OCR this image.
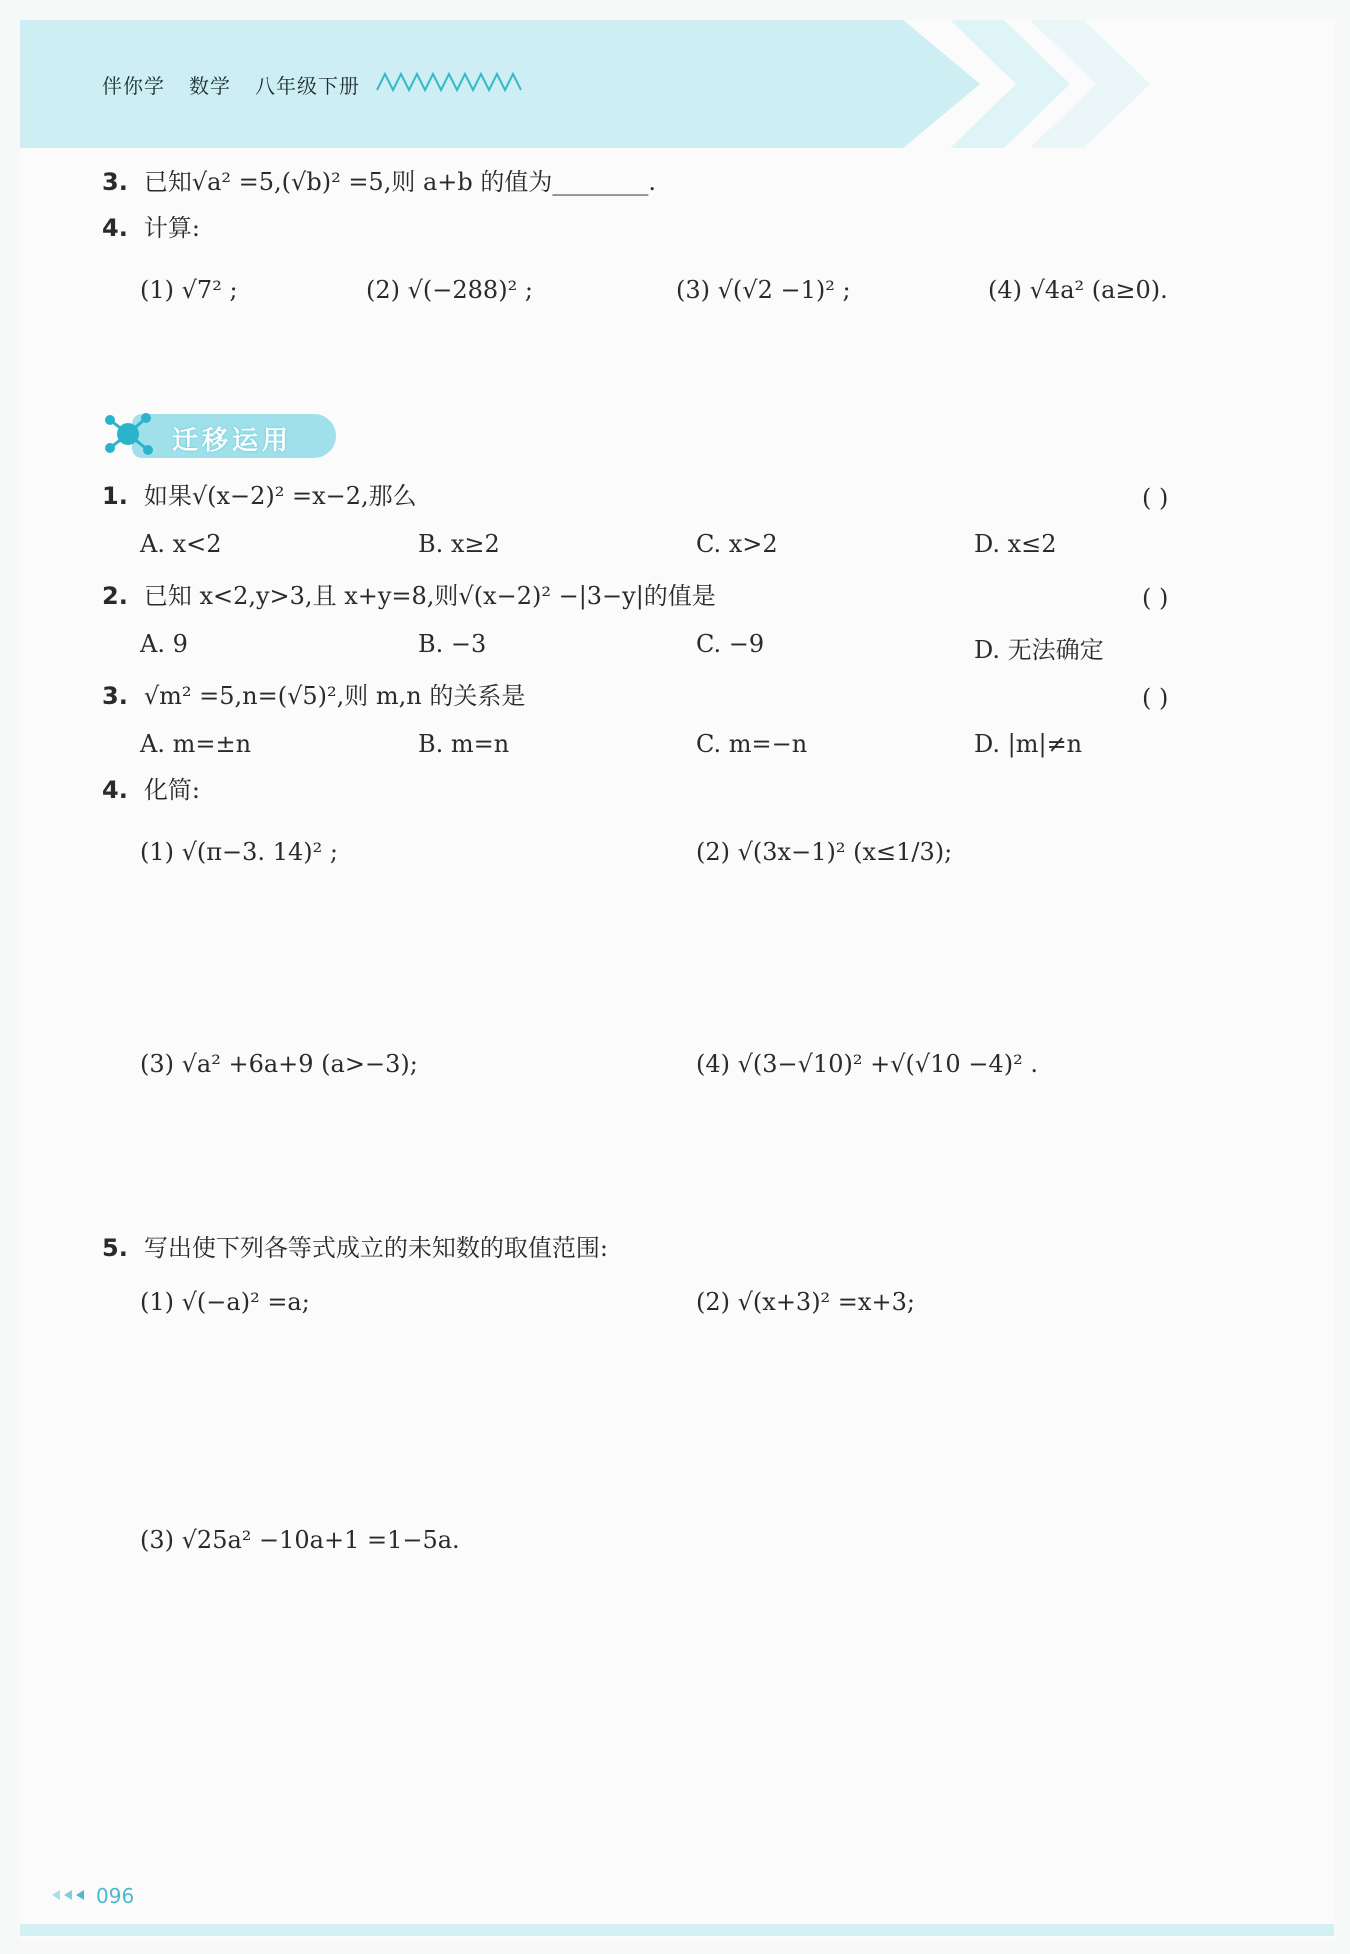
伴你学 数学 八年级下册
3. 已知√a² =5,(√b)² =5,则 a+b 的值为________.
4. 计算:
(1) √7² ;	(2) √(−288)² ;	(3) √(√2 −1)² ;	(4) √4a² (a≥0).
迁移运用
1. 如果√(x−2)² =x−2,那么	( )
A. x<2	B. x≥2	C. x>2	D. x≤2
2. 已知 x<2,y>3,且 x+y=8,则√(x−2)² −|3−y|的值是	( )
A. 9	B. −3	C. −9	D. 无法确定
3. √m² =5,n=(√5)²,则 m,n 的关系是	( )
A. m=±n	B. m=n	C. m=−n	D. |m|≠n
4. 化简:
(1) √(π−3. 14)² ;	(2) √(3x−1)² (x≤1/3);
(3) √a² +6a+9 (a>−3);	(4) √(3−√10)² +√(√10 −4)² .
5. 写出使下列各等式成立的未知数的取值范围:
(1) √(−a)² =a;	(2) √(x+3)² =x+3;
(3) √25a² −10a+1 =1−5a.
096
